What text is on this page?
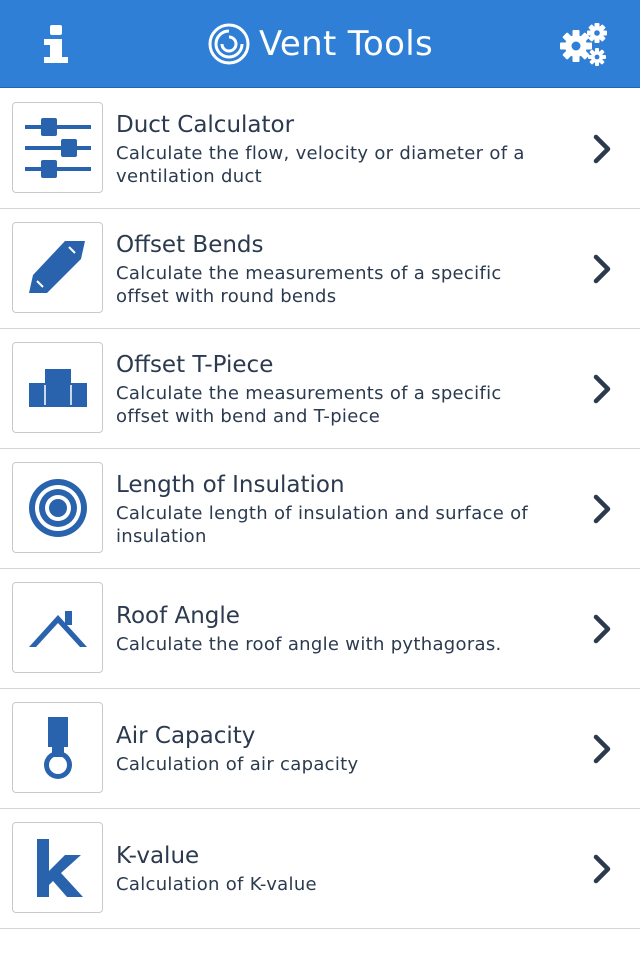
Vent Tools
Duct Calculator
Calculate the flow, velocity or diameter of a ventilation duct
Offset Bends
Calculate the measurements of a specific offset with round bends
Offset T-Piece
Calculate the measurements of a specific offset with bend and T-piece
Length of Insulation
Calculate length of insulation and surface of insulation
Roof Angle
Calculate the roof angle with pythagoras.
Air Capacity
Calculation of air capacity
K-value
Calculation of K-value
